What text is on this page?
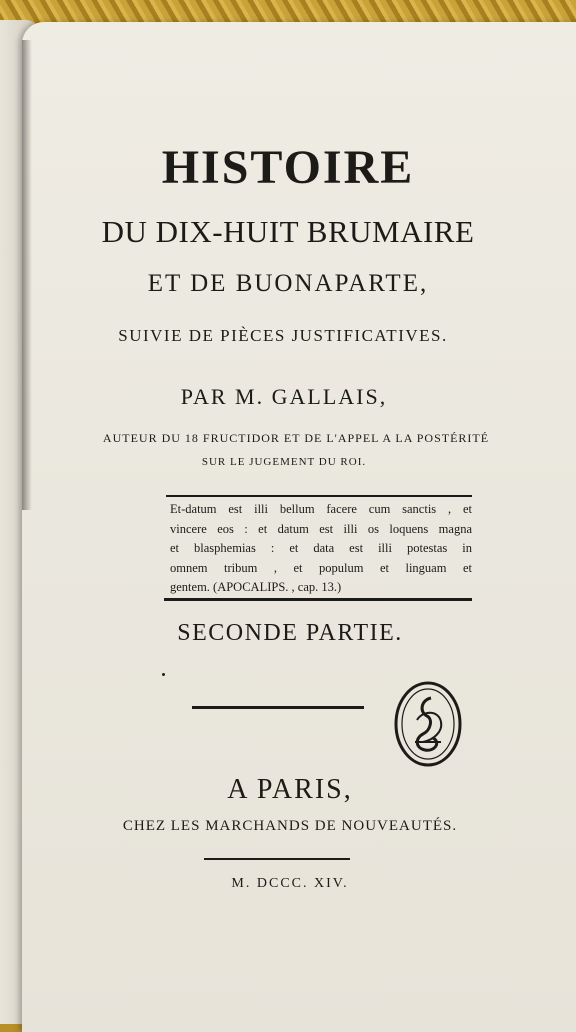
HISTOIRE
DU DIX-HUIT BRUMAIRE
ET DE BUONAPARTE,
SUIVIE DE PIÈCES JUSTIFICATIVES.
PAR M. GALLAIS,
AUTEUR DU 18 FRUCTIDOR ET DE L'APPEL A LA POSTÉRITÉ
SUR LE JUGEMENT DU ROI.
Et-datum est illi bellum facere cum sanctis , et
vincere eos : et datum est illi os loquens magna
et blasphemias : et data est illi potestas in
omnem tribum , et populum et linguam et
gentem. (APOCALIPS. , cap. 13.)
SECONDE PARTIE.
A PARIS,
CHEZ LES MARCHANDS DE NOUVEAUTÉS.
M. DCCC. XIV.
